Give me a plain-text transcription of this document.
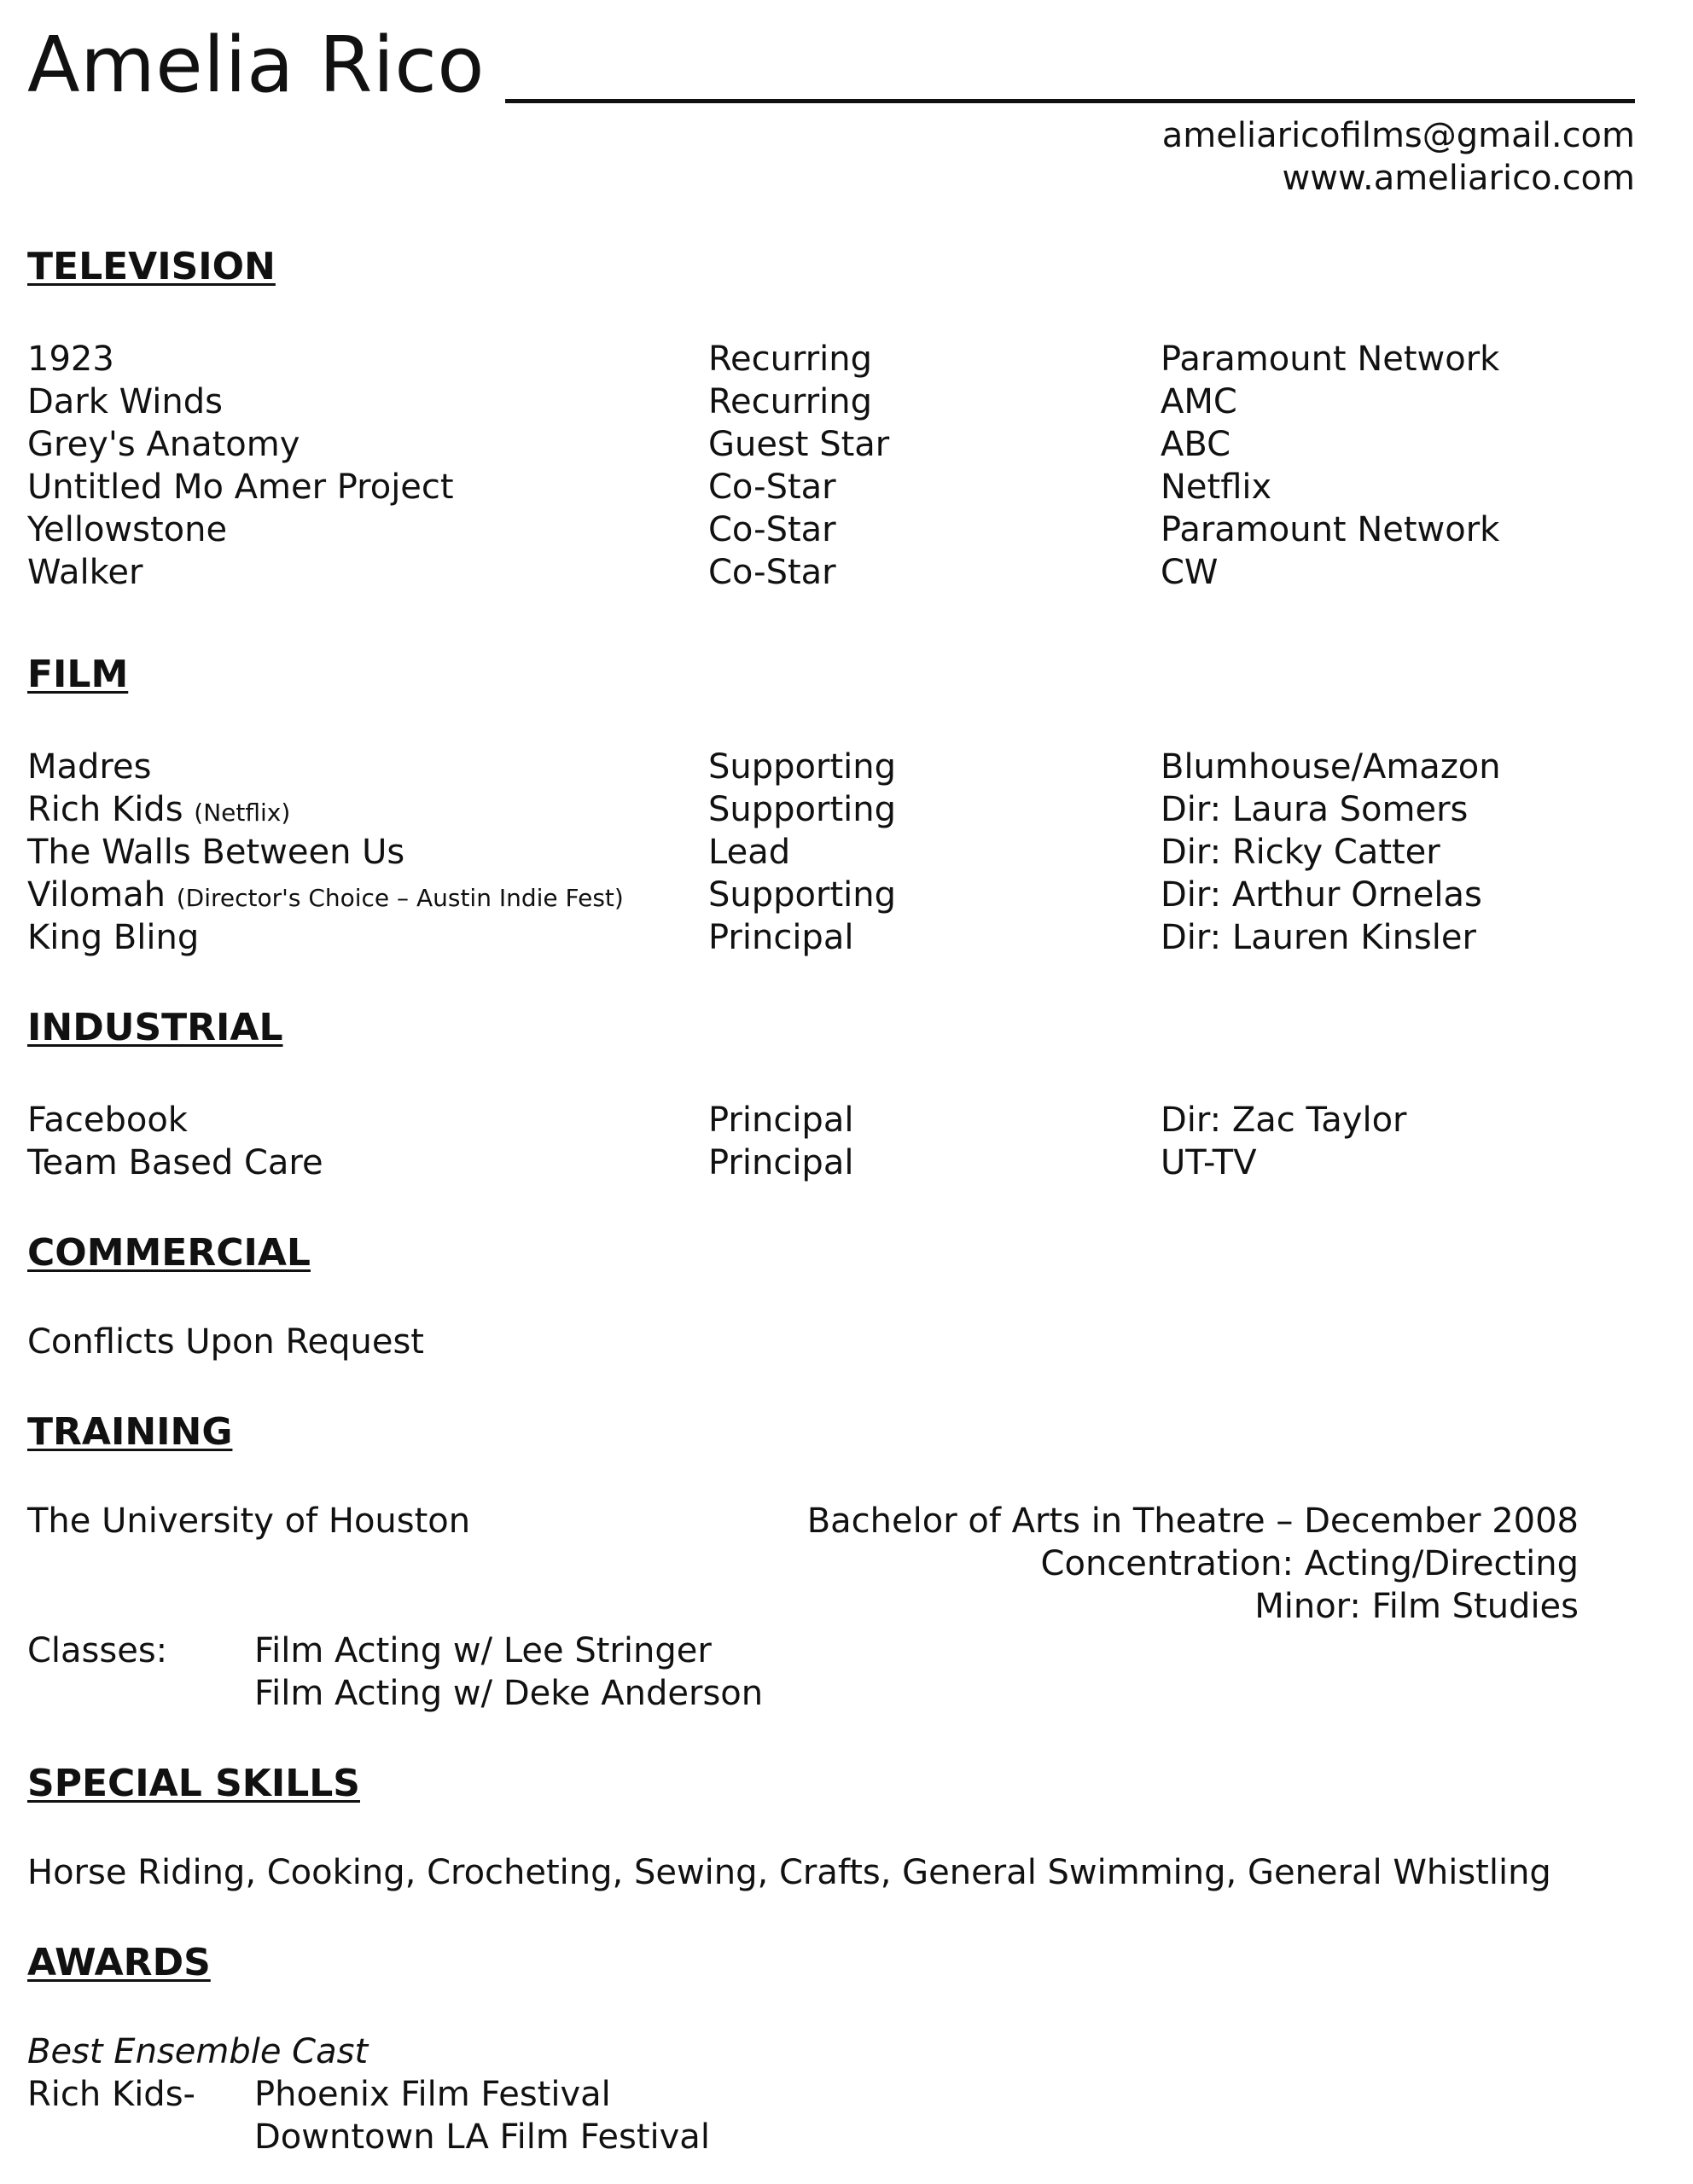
Amelia Rico
ameliaricofilms@gmail.com
www.ameliarico.com
TELEVISION
1923	Recurring	Paramount Network
Dark Winds	Recurring	AMC
Grey's Anatomy	Guest Star	ABC
Untitled Mo Amer Project	Co-Star	Netflix
Yellowstone	Co-Star	Paramount Network
Walker	Co-Star	CW
FILM
Madres	Supporting	Blumhouse/Amazon
Rich Kids (Netflix)	Supporting	Dir: Laura Somers
The Walls Between Us	Lead	Dir: Ricky Catter
Vilomah (Director's Choice – Austin Indie Fest) Supporting	Dir: Arthur Ornelas
King Bling	Principal	Dir: Lauren Kinsler
INDUSTRIAL
Facebook	Principal	Dir: Zac Taylor
Team Based Care	Principal	UT-TV
COMMERCIAL
Conflicts Upon Request
TRAINING
The University of Houston	Bachelor of Arts in Theatre – December 2008
Concentration: Acting/Directing
Minor: Film Studies
Classes:	Film Acting w/ Lee Stringer
Film Acting w/ Deke Anderson
SPECIAL SKILLS
Horse Riding, Cooking, Crocheting, Sewing, Crafts, General Swimming, General Whistling
AWARDS
Best Ensemble Cast
Rich Kids- Phoenix Film Festival
Downtown LA Film Festival
